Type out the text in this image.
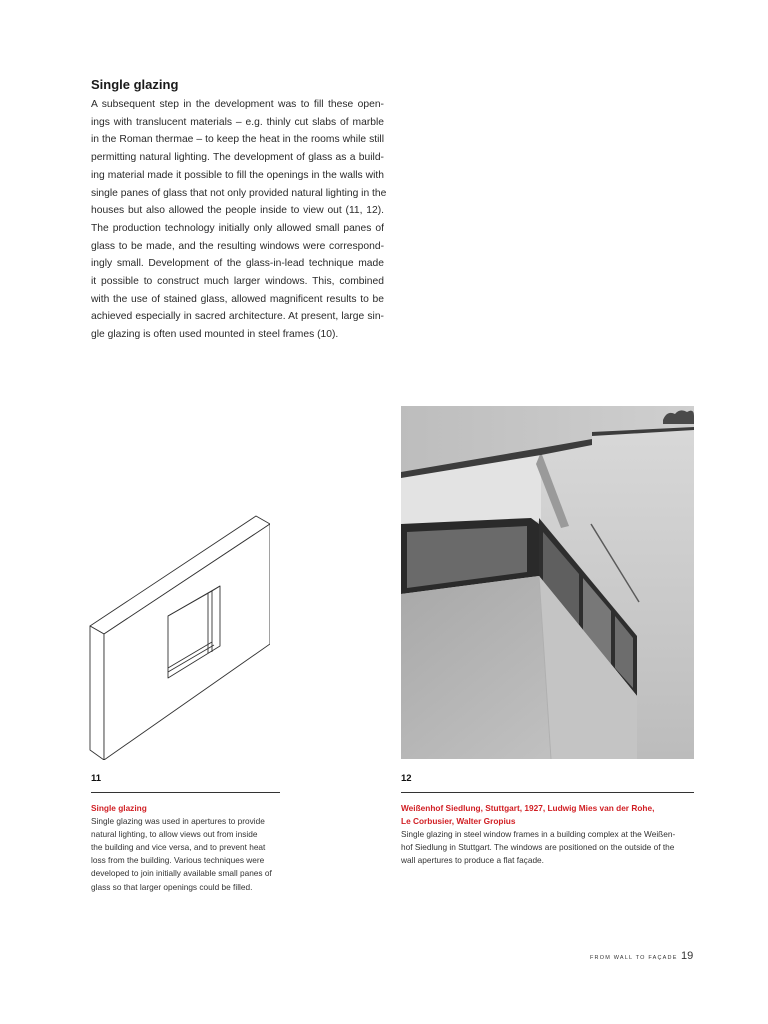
Single glazing
A subsequent step in the development was to fill these open-
ings with translucent materials – e.g. thinly cut slabs of marble
in the Roman thermae – to keep the heat in the rooms while still
permitting natural lighting. The development of glass as a build-
ing material made it possible to fill the openings in the walls with
single panes of glass that not only provided natural lighting in the
houses but also allowed the people inside to view out (11, 12).
The production technology initially only allowed small panes of
glass to be made, and the resulting windows were correspond-
ingly small. Development of the glass-in-lead technique made
it possible to construct much larger windows. This, combined
with the use of stained glass, allowed magnificent results to be
achieved especially in sacred architecture. At present, large sin-
gle glazing is often used mounted in steel frames (10).
11
Single glazing
Single glazing was used in apertures to provide
natural lighting, to allow views out from inside
the building and vice versa, and to prevent heat
loss from the building. Various techniques were
developed to join initially available small panes of
glass so that larger openings could be filled.
12
Weißenhof Siedlung, Stuttgart, 1927, Ludwig Mies van der Rohe,
Le Corbusier, Walter Gropius
Single glazing in steel window frames in a building complex at the Weißen-
hof Siedlung in Stuttgart. The windows are positioned on the outside of the
wall apertures to produce a flat façade.
FROM WALL TO FAÇADE 19
